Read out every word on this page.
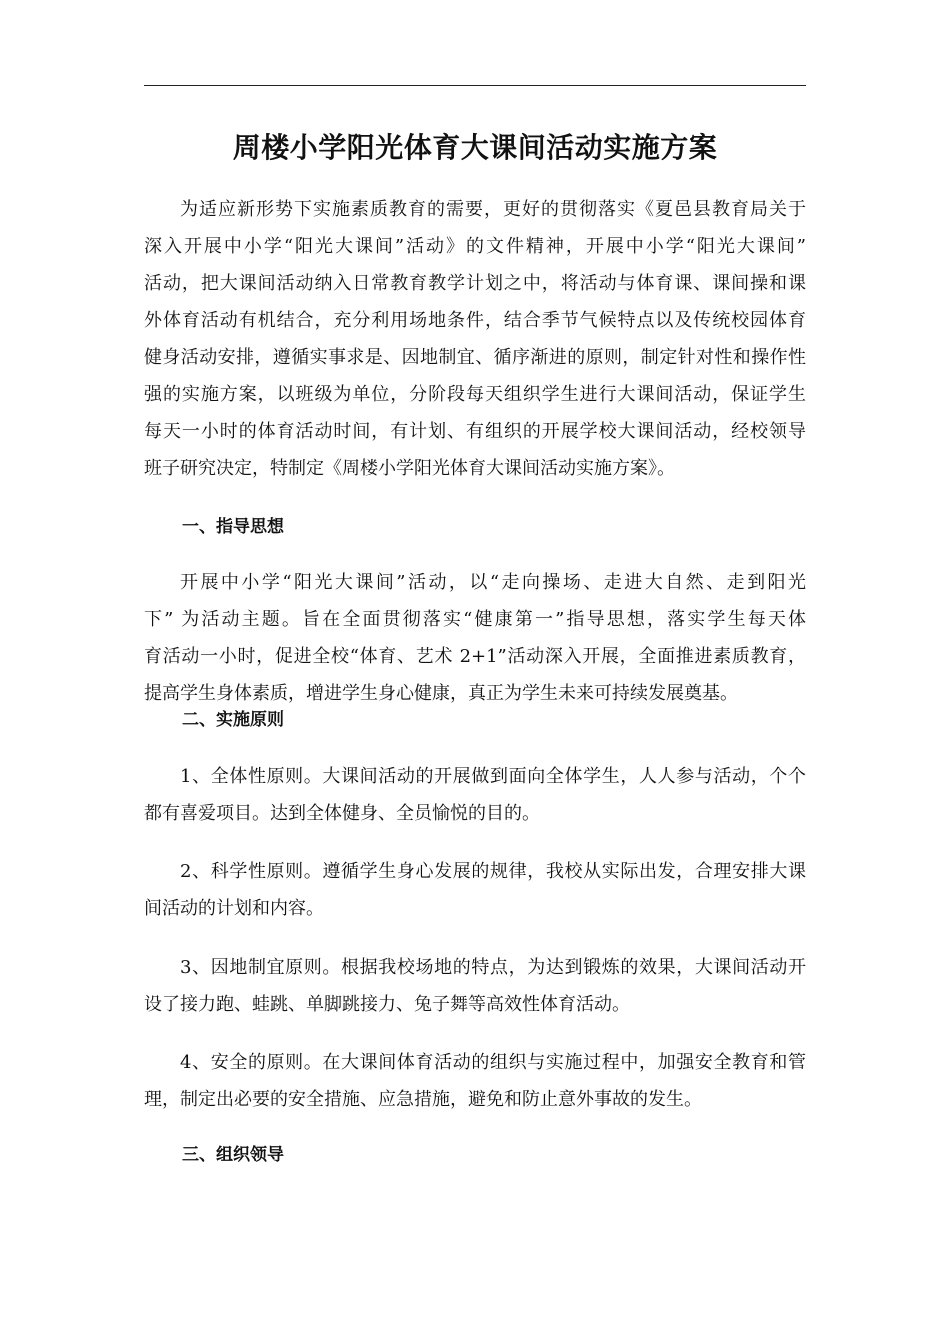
周楼小学阳光体育大课间活动实施方案
为适应新形势下实施素质教育的需要，更好的贯彻落实《夏邑县教育局关于
深入开展中小学“阳光大课间”活动》的文件精神，开展中小学“阳光大课间”
活动，把大课间活动纳入日常教育教学计划之中，将活动与体育课、课间操和课
外体育活动有机结合，充分利用场地条件，结合季节气候特点以及传统校园体育
健身活动安排，遵循实事求是、因地制宜、循序渐进的原则，制定针对性和操作性
强的实施方案，以班级为单位，分阶段每天组织学生进行大课间活动，保证学生
每天一小时的体育活动时间，有计划、有组织的开展学校大课间活动，经校领导
班子研究决定，特制定《周楼小学阳光体育大课间活动实施方案》。
一、指导思想
开展中小学“阳光大课间”活动，以“走向操场、走进大自然、走到阳光
下” 为活动主题。旨在全面贯彻落实“健康第一”指导思想，落实学生每天体
育活动一小时，促进全校“体育、艺术 2+1”活动深入开展，全面推进素质教育，
提高学生身体素质，增进学生身心健康，真正为学生未来可持续发展奠基。
二、实施原则
1、全体性原则。大课间活动的开展做到面向全体学生，人人参与活动，个个
都有喜爱项目。达到全体健身、全员愉悦的目的。
2、科学性原则。遵循学生身心发展的规律，我校从实际出发，合理安排大课
间活动的计划和内容。
3、因地制宜原则。根据我校场地的特点，为达到锻炼的效果，大课间活动开
设了接力跑、蛙跳、单脚跳接力、兔子舞等高效性体育活动。
4、安全的原则。在大课间体育活动的组织与实施过程中，加强安全教育和管
理，制定出必要的安全措施、应急措施，避免和防止意外事故的发生。
三、组织领导
